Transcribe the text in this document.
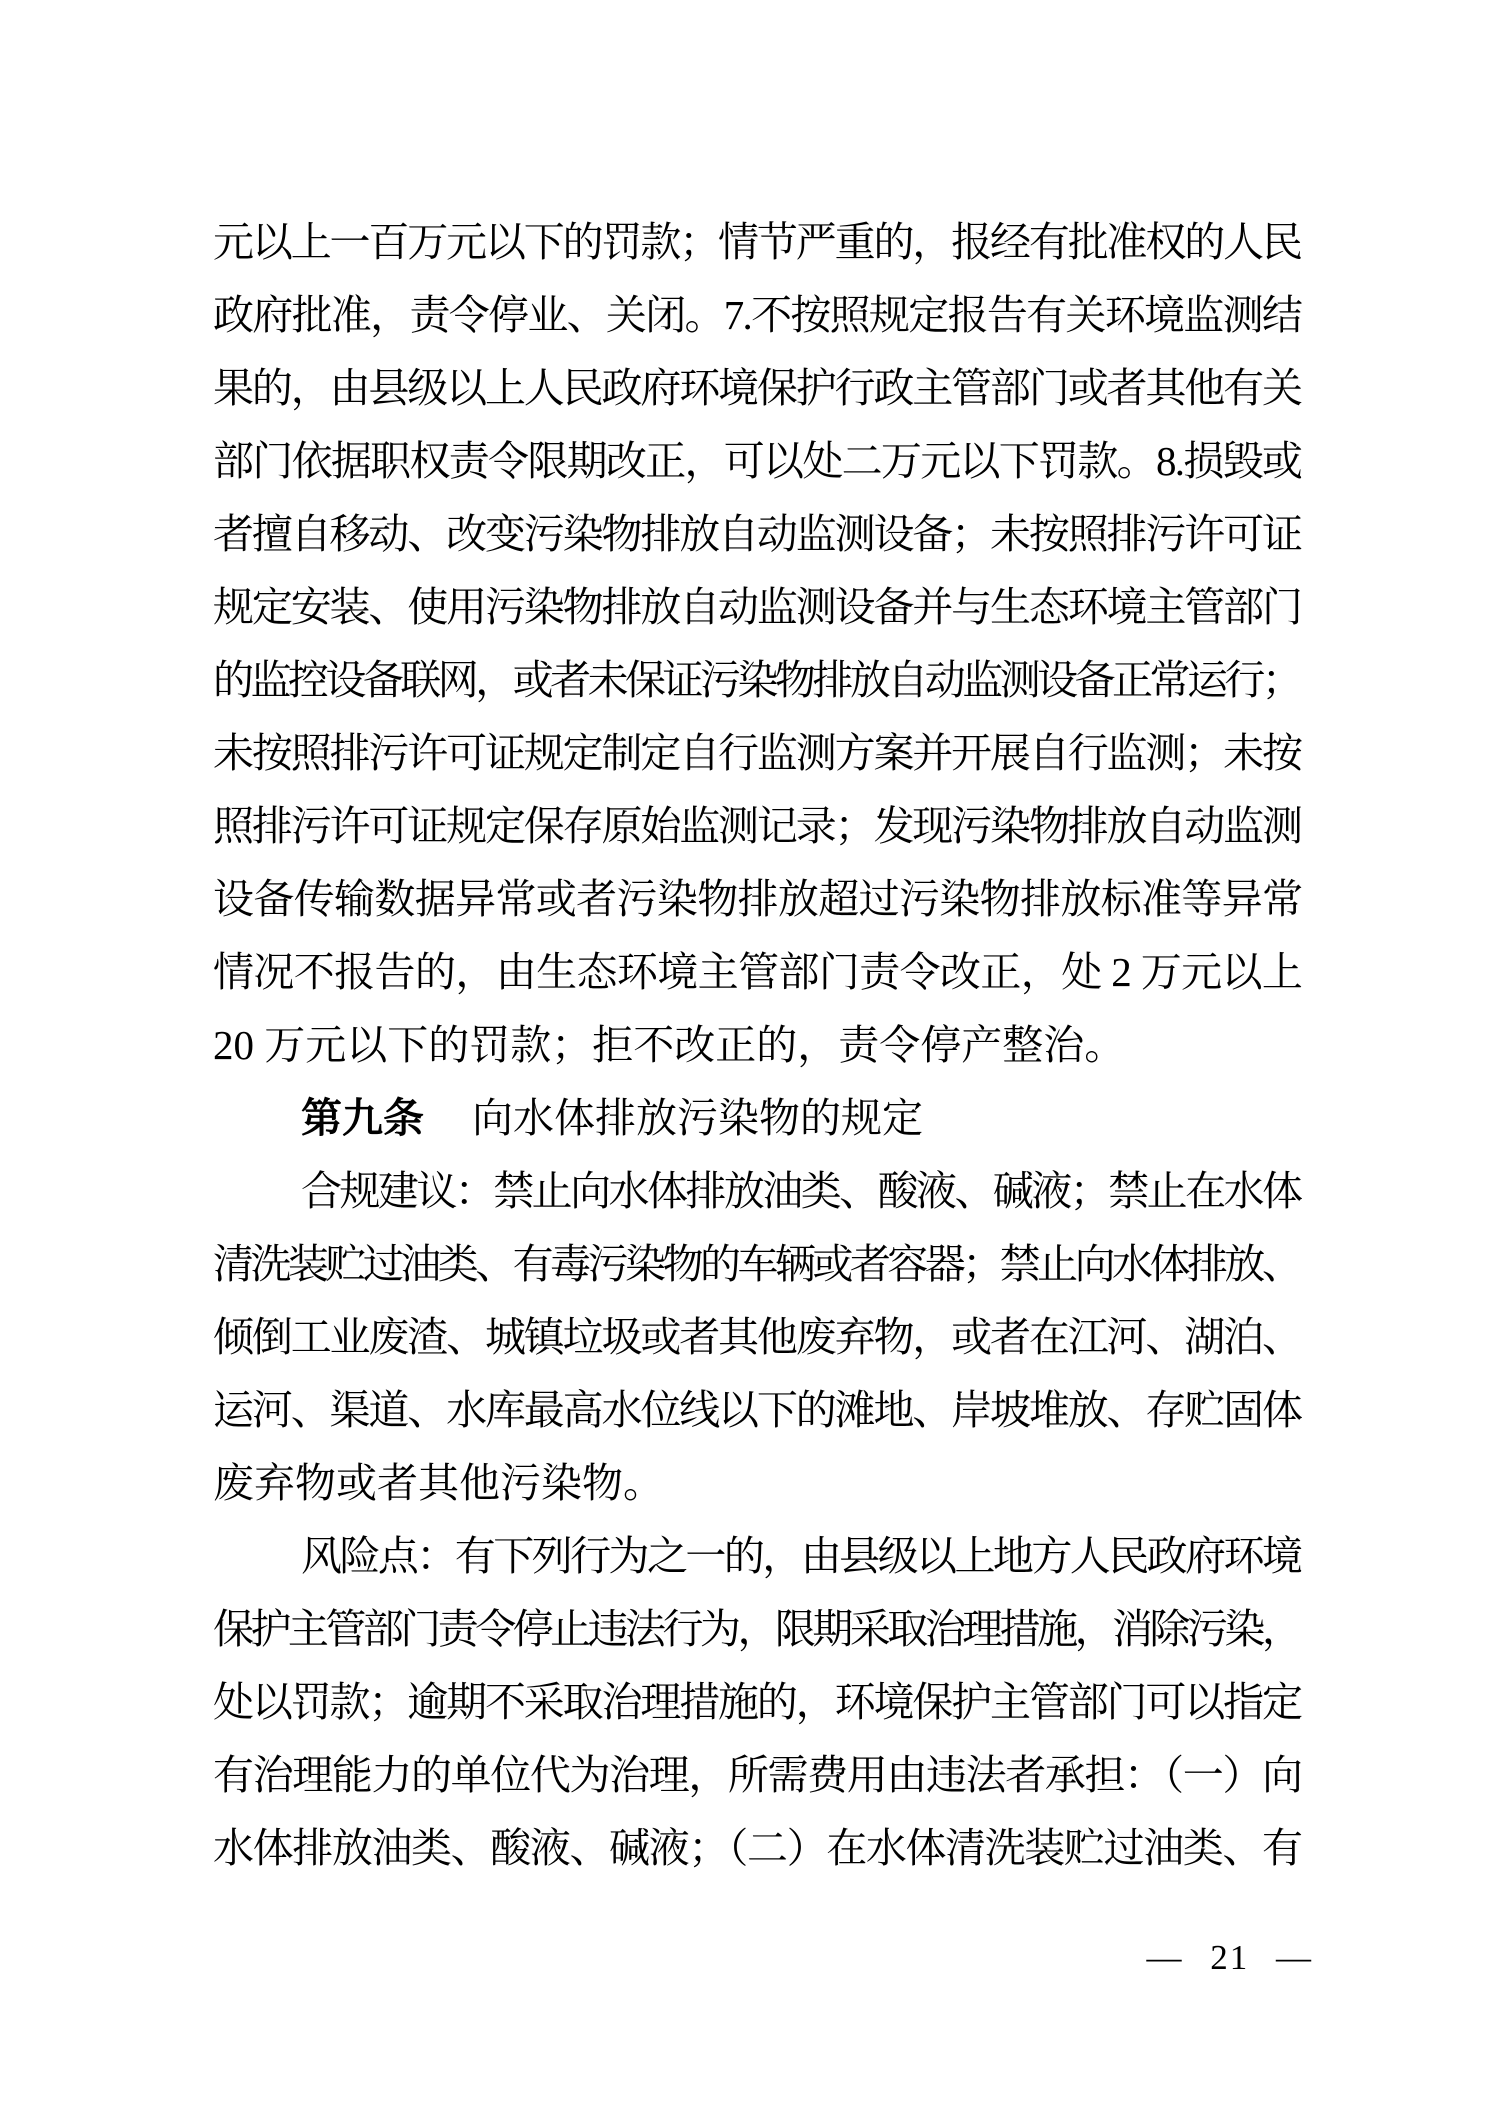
元以上一百万元以下的罚款；情节严重的，报经有批准权的人民
政府批准，责令停业、关闭。7.不按照规定报告有关环境监测结
果的，由县级以上人民政府环境保护行政主管部门或者其他有关
部门依据职权责令限期改正，可以处二万元以下罚款。8.损毁或
者擅自移动、改变污染物排放自动监测设备；未按照排污许可证
规定安装、使用污染物排放自动监测设备并与生态环境主管部门
的监控设备联网，或者未保证污染物排放自动监测设备正常运行；
未按照排污许可证规定制定自行监测方案并开展自行监测；未按
照排污许可证规定保存原始监测记录；发现污染物排放自动监测
设备传输数据异常或者污染物排放超过污染物排放标准等异常
情况不报告的，由生态环境主管部门责令改正，处 2 万元以上
20 万元以下的罚款；拒不改正的，责令停产整治。
第九条 向水体排放污染物的规定
合规建议：禁止向水体排放油类、酸液、碱液；禁止在水体
清洗装贮过油类、有毒污染物的车辆或者容器；禁止向水体排放、
倾倒工业废渣、城镇垃圾或者其他废弃物，或者在江河、湖泊、
运河、渠道、水库最高水位线以下的滩地、岸坡堆放、存贮固体
废弃物或者其他污染物。
风险点：有下列行为之一的，由县级以上地方人民政府环境
保护主管部门责令停止违法行为，限期采取治理措施，消除污染，
处以罚款；逾期不采取治理措施的，环境保护主管部门可以指定
有治理能力的单位代为治理，所需费用由违法者承担：（一）向
水体排放油类、酸液、碱液；（二）在水体清洗装贮过油类、有
— 21 —
